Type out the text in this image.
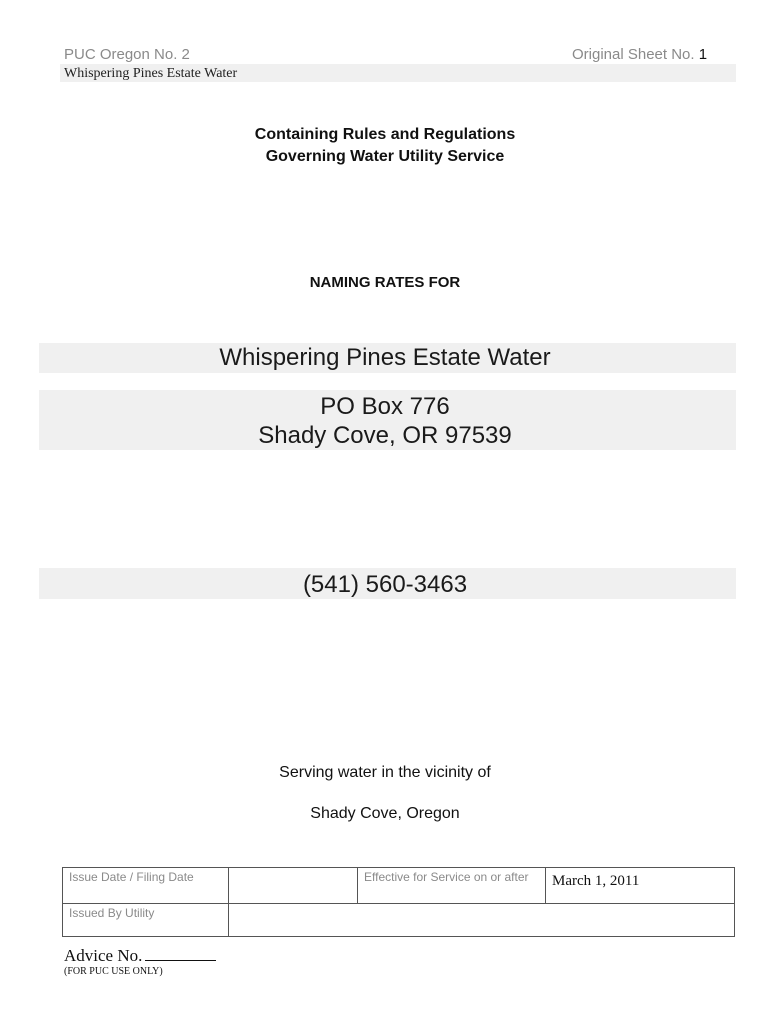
PUC Oregon No. 2	Original Sheet No. 1
Whispering Pines Estate Water
Containing Rules and Regulations
Governing Water Utility Service
NAMING RATES FOR
Whispering Pines Estate Water
PO Box 776
Shady Cove, OR 97539
(541) 560-3463
Serving water in the vicinity of
Shady Cove, Oregon
Issue Date / Filing Date		Effective for Service on or after	March 1, 2011
Issued By Utility			
Advice No.
(FOR PUC USE ONLY)
